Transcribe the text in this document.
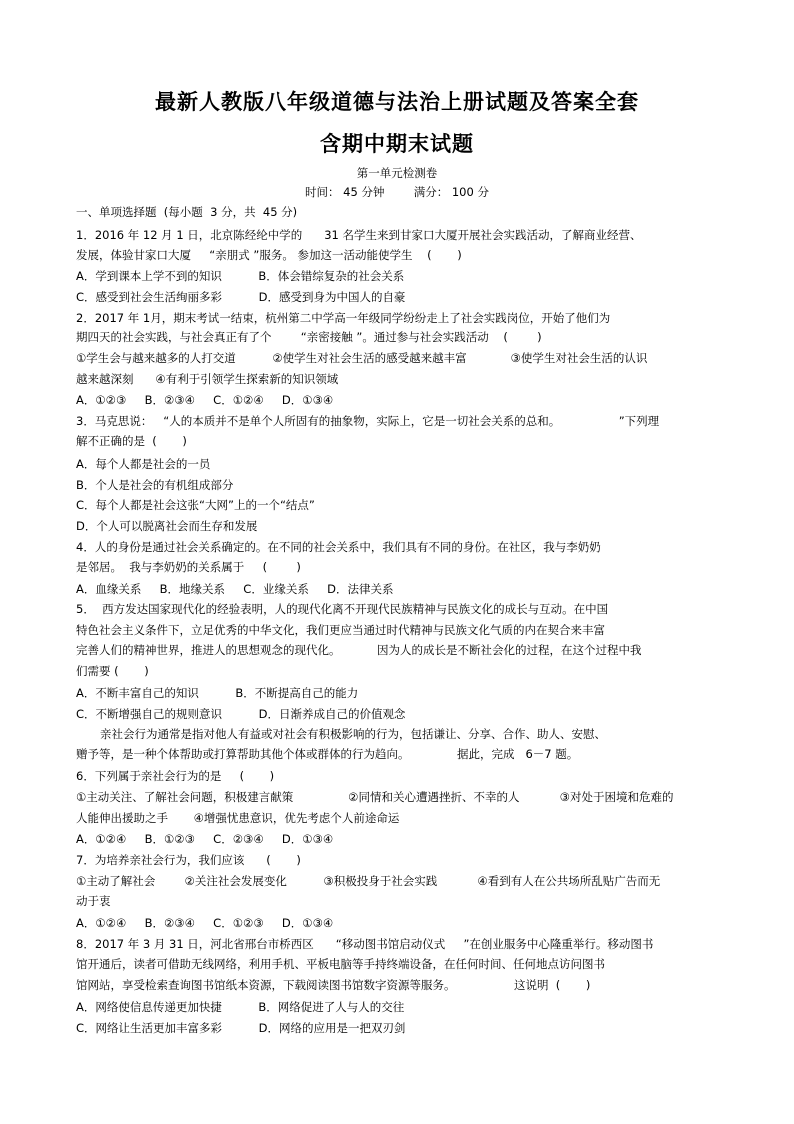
最新人教版八年级道德与法治上册试题及答案全套
含期中期末试题
第一单元检测卷
时间： 45 分钟        满分： 100 分
一、单项选择题  (每小题  3 分，共  45 分)
1．2016 年 12 月 1 日，北京陈经纶中学的      31 名学生来到甘家口大厦开展社会实践活动，了解商业经营、
发展，体验甘家口大厦     “亲朋式 ”服务。 参加这一活动能使学生    (       )
A．学到课本上学不到的知识          B．体会错综复杂的社会关系
C．感受到社会生活绚丽多彩          D．感受到身为中国人的自豪
2．2017 年 1月，期末考试一结束，杭州第二中学高一年级同学纷纷走上了社会实践岗位，开始了他们为
期四天的社会实践，与社会真正有了个        “亲密接触 ”。通过参与社会实践活动    (        )
①学生会与越来越多的人打交道          ②使学生对社会生活的感受越来越丰富            ③使学生对社会生活的认识
越来越深刻      ④有利于引领学生探索新的知识领域
A．①②③     B．②③④     C．①②④     D．①③④
3．马克思说：   “人的本质并不是单个人所固有的抽象物，实际上，它是一切社会关系的总和。                ”下列理
解不正确的是  (       )
A．每个人都是社会的一员
B．个人是社会的有机组成部分
C．每个人都是社会这张“大网”上的一个“结点”
D．个人可以脱离社会而生存和发展
4．人的身份是通过社会关系确定的。在不同的社会关系中，我们具有不同的身份。在社区，我与李奶奶
是邻居。  我与李奶奶的关系属于     (        )
A．血缘关系     B．地缘关系     C．业缘关系     D．法律关系
5．  西方发达国家现代化的经验表明，人的现代化离不开现代民族精神与民族文化的成长与互动。在中国
特色社会主义条件下，立足优秀的中华文化，我们更应当通过时代精神与民族文化气质的内在契合来丰富
完善人们的精神世界，推进人的思想观念的现代化。          因为人的成长是不断社会化的过程，在这个过程中我
们需要 (       )
A．不断丰富自己的知识          B．不断提高自己的能力
C．不断增强自己的规则意识          D．日渐养成自己的价值观念
亲社会行为通常是指对他人有益或对社会有积极影响的行为，包括谦让、分享、合作、助人、安慰、
赠予等，是一种个体帮助或打算帮助其他个体或群体的行为趋向。             据此，完成   6－7 题。
6．下列属于亲社会行为的是     (       )
①主动关注、了解社会问题，积极建言献策               ②同情和关心遭遇挫折、不幸的人           ③对处于困境和危难的
人能伸出援助之手       ④增强忧患意识，优先考虑个人前途命运
A．①②④     B．①②③     C．②③④     D．①③④
7．为培养亲社会行为，我们应该      (       )
①主动了解社会        ②关注社会发展变化          ③积极投身于社会实践           ④看到有人在公共场所乱贴广告而无
动于衷
A．①②④     B．②③④     C．①②③     D．①③④
8．2017 年 3 月 31 日，河北省邢台市桥西区      “移动图书馆启动仪式     ”在创业服务中心隆重举行。移动图书
馆开通后，读者可借助无线网络，利用手机、平板电脑等手持终端设备，在任何时间、任何地点访问图书
馆网站，享受检索查询图书馆纸本资源，下载阅读图书馆数字资源等服务。                这说明  (       )
A．网络使信息传递更加快捷          B．网络促进了人与人的交往
C．网络让生活更加丰富多彩          D．网络的应用是一把双刃剑
